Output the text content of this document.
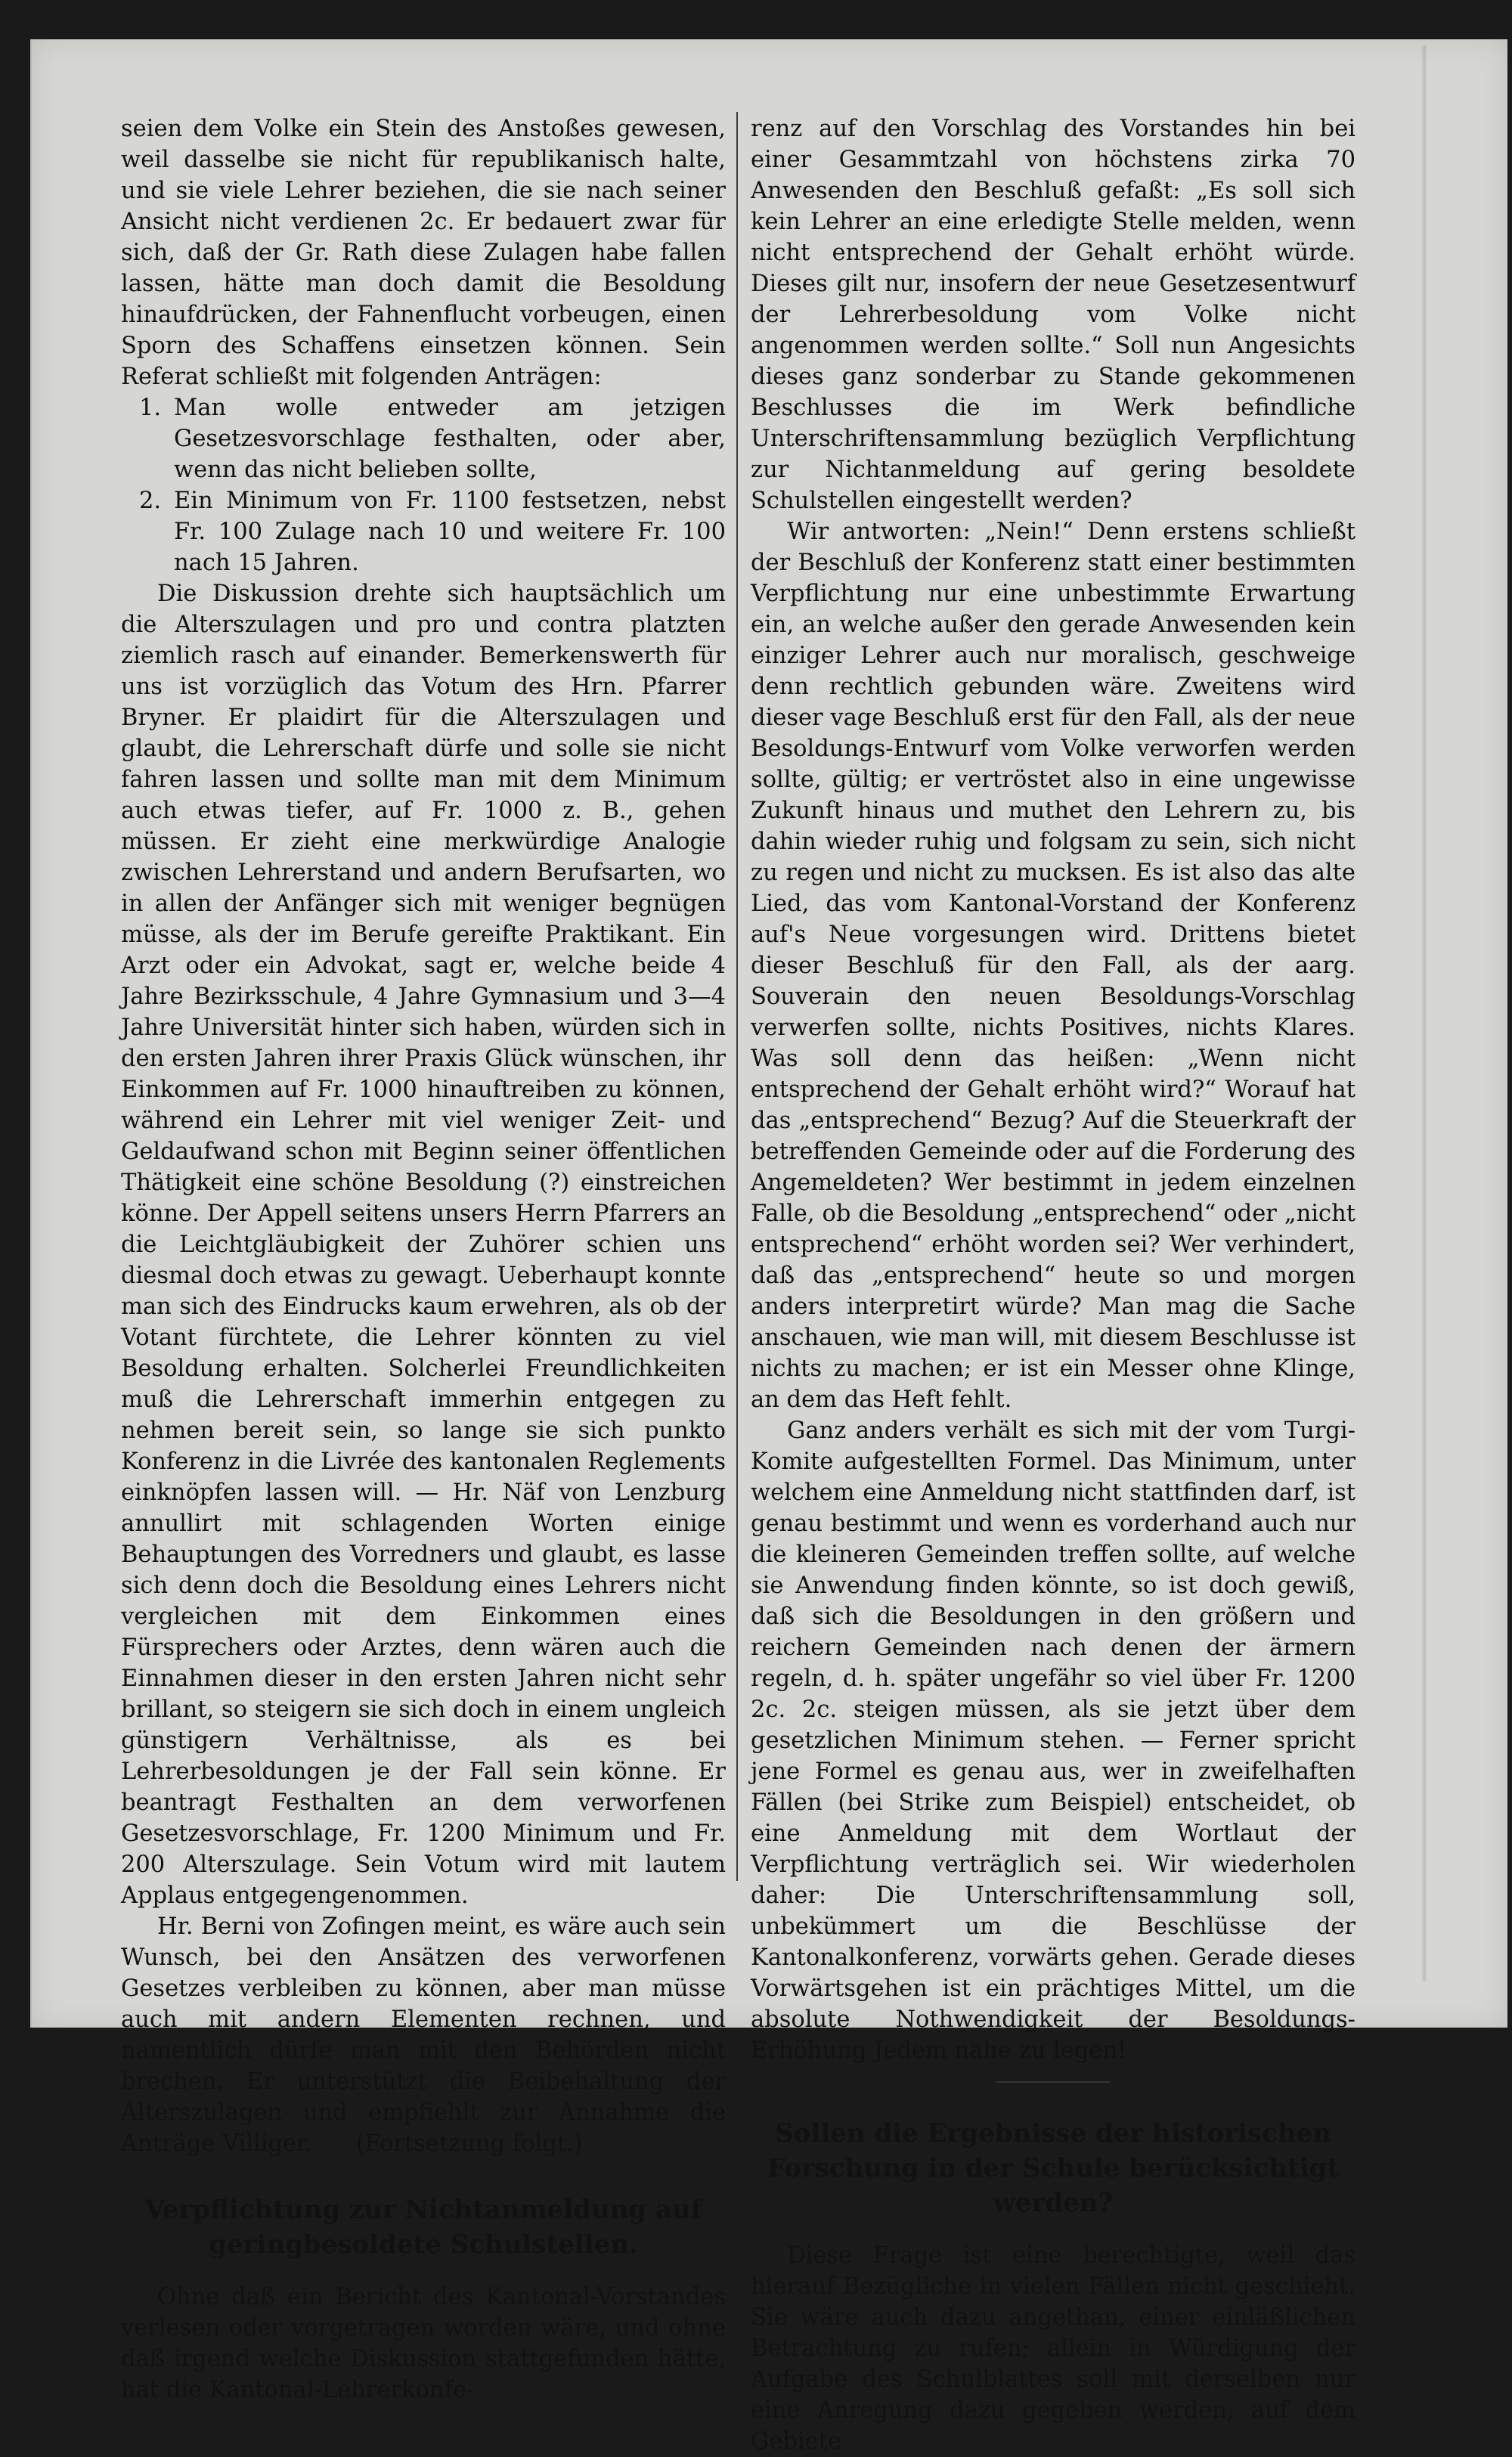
seien dem Volke ein Stein des Anstoßes gewesen, weil dasselbe sie nicht für republikanisch halte, und sie viele Lehrer beziehen, die sie nach seiner Ansicht nicht verdienen 2c. Er bedauert zwar für sich, daß der Gr. Rath diese Zulagen habe fallen lassen, hätte man doch damit die Besoldung hinaufdrücken, der Fahnenflucht vorbeugen, einen Sporn des Schaffens einsetzen können. Sein Referat schließt mit folgenden Anträgen:

1. Man wolle entweder am jetzigen Gesetzesvorschlage festhalten, oder aber, wenn das nicht belieben sollte,
2. Ein Minimum von Fr. 1100 festsetzen, nebst Fr. 100 Zulage nach 10 und weitere Fr. 100 nach 15 Jahren.

Die Diskussion drehte sich hauptsächlich um die Alterszulagen und pro und contra platzten ziemlich rasch auf einander. Bemerkenswerth für uns ist vorzüglich das Votum des Hrn. Pfarrer Bryner. Er plaidirt für die Alterszulagen und glaubt, die Lehrerschaft dürfe und solle sie nicht fahren lassen und sollte man mit dem Minimum auch etwas tiefer, auf Fr. 1000 z. B., gehen müssen. Er zieht eine merkwürdige Analogie zwischen Lehrerstand und andern Berufsarten, wo in allen der Anfänger sich mit weniger begnügen müsse, als der im Berufe gereifte Praktikant. Ein Arzt oder ein Advokat, sagt er, welche beide 4 Jahre Bezirksschule, 4 Jahre Gymnasium und 3—4 Jahre Universität hinter sich haben, würden sich in den ersten Jahren ihrer Praxis Glück wünschen, ihr Einkommen auf Fr. 1000 hinauftreiben zu können, während ein Lehrer mit viel weniger Zeit- und Geldaufwand schon mit Beginn seiner öffentlichen Thätigkeit eine schöne Besoldung (?) einstreichen könne. Der Appell seitens unsers Herrn Pfarrers an die Leichtgläubigkeit der Zuhörer schien uns diesmal doch etwas zu gewagt. Ueberhaupt konnte man sich des Eindrucks kaum erwehren, als ob der Votant fürchtete, die Lehrer könnten zu viel Besoldung erhalten. Solcherlei Freundlichkeiten muß die Lehrerschaft immerhin entgegen zu nehmen bereit sein, so lange sie sich punkto Konferenz in die Livrée des kantonalen Reglements einknöpfen lassen will. — Hr. Näf von Lenzburg annullirt mit schlagenden Worten einige Behauptungen des Vorredners und glaubt, es lasse sich denn doch die Besoldung eines Lehrers nicht vergleichen mit dem Einkommen eines Fürsprechers oder Arztes, denn wären auch die Einnahmen dieser in den ersten Jahren nicht sehr brillant, so steigern sie sich doch in einem ungleich günstigern Verhältnisse, als es bei Lehrerbesoldungen je der Fall sein könne. Er beantragt Festhalten an dem verworfenen Gesetzesvorschlage, Fr. 1200 Minimum und Fr. 200 Alterszulage. Sein Votum wird mit lautem Applaus entgegengenommen.

Hr. Berni von Zofingen meint, es wäre auch sein Wunsch, bei den Ansätzen des verworfenen Gesetzes verbleiben zu können, aber man müsse auch mit andern Elementen rechnen, und namentlich dürfe man mit den Behörden nicht brechen. Er unterstützt die Beibehaltung der Alterszulagen und empfiehlt zur Annahme die Anträge Villiger. (Fortsetzung folgt.)

Verpflichtung zur Nichtanmeldung auf geringbesoldete Schulstellen.

Ohne daß ein Bericht des Kantonal-Vorstandes verlesen oder vorgetragen worden wäre, und ohne daß irgend welche Diskussion stattgefunden hätte, hat die Kantonal-Lehrerkonfe-

renz auf den Vorschlag des Vorstandes hin bei einer Gesammtzahl von höchstens zirka 70 Anwesenden den Beschluß gefaßt: „Es soll sich kein Lehrer an eine erledigte Stelle melden, wenn nicht entsprechend der Gehalt erhöht würde. Dieses gilt nur, insofern der neue Gesetzesentwurf der Lehrerbesoldung vom Volke nicht angenommen werden sollte.“ Soll nun Angesichts dieses ganz sonderbar zu Stande gekommenen Beschlusses die im Werk befindliche Unterschriftensammlung bezüglich Verpflichtung zur Nichtanmeldung auf gering besoldete Schulstellen eingestellt werden?

Wir antworten: „Nein!“ Denn erstens schließt der Beschluß der Konferenz statt einer bestimmten Verpflichtung nur eine unbestimmte Erwartung ein, an welche außer den gerade Anwesenden kein einziger Lehrer auch nur moralisch, geschweige denn rechtlich gebunden wäre. Zweitens wird dieser vage Beschluß erst für den Fall, als der neue Besoldungs-Entwurf vom Volke verworfen werden sollte, gültig; er vertröstet also in eine ungewisse Zukunft hinaus und muthet den Lehrern zu, bis dahin wieder ruhig und folgsam zu sein, sich nicht zu regen und nicht zu mucksen. Es ist also das alte Lied, das vom Kantonal-Vorstand der Konferenz auf's Neue vorgesungen wird. Drittens bietet dieser Beschluß für den Fall, als der aarg. Souverain den neuen Besoldungs-Vorschlag verwerfen sollte, nichts Positives, nichts Klares. Was soll denn das heißen: „Wenn nicht entsprechend der Gehalt erhöht wird?“ Worauf hat das „entsprechend“ Bezug? Auf die Steuerkraft der betreffenden Gemeinde oder auf die Forderung des Angemeldeten? Wer bestimmt in jedem einzelnen Falle, ob die Besoldung „entsprechend“ oder „nicht entsprechend“ erhöht worden sei? Wer verhindert, daß das „entsprechend“ heute so und morgen anders interpretirt würde? Man mag die Sache anschauen, wie man will, mit diesem Beschlusse ist nichts zu machen; er ist ein Messer ohne Klinge, an dem das Heft fehlt.

Ganz anders verhält es sich mit der vom Turgi-Komite aufgestellten Formel. Das Minimum, unter welchem eine Anmeldung nicht stattfinden darf, ist genau bestimmt und wenn es vorderhand auch nur die kleineren Gemeinden treffen sollte, auf welche sie Anwendung finden könnte, so ist doch gewiß, daß sich die Besoldungen in den größern und reichern Gemeinden nach denen der ärmern regeln, d. h. später ungefähr so viel über Fr. 1200 2c. 2c. steigen müssen, als sie jetzt über dem gesetzlichen Minimum stehen. — Ferner spricht jene Formel es genau aus, wer in zweifelhaften Fällen (bei Strike zum Beispiel) entscheidet, ob eine Anmeldung mit dem Wortlaut der Verpflichtung verträglich sei. Wir wiederholen daher: Die Unterschriftensammlung soll, unbekümmert um die Beschlüsse der Kantonalkonferenz, vorwärts gehen. Gerade dieses Vorwärtsgehen ist ein prächtiges Mittel, um die absolute Nothwendigkeit der Besoldungs-Erhöhung Jedem nahe zu legen!

Sollen die Ergebnisse der historischen Forschung in der Schule berücksichtigt werden?

Diese Frage ist eine berechtigte, weil das hierauf Bezügliche in vielen Fällen nicht geschieht. Sie wäre auch dazu angethan, einer einläßlichen Betrachtung zu rufen; allein in Würdigung der Aufgabe des Schulblattes soll mit derselben nur eine Anregung dazu gegeben werden, auf dem Gebiete
